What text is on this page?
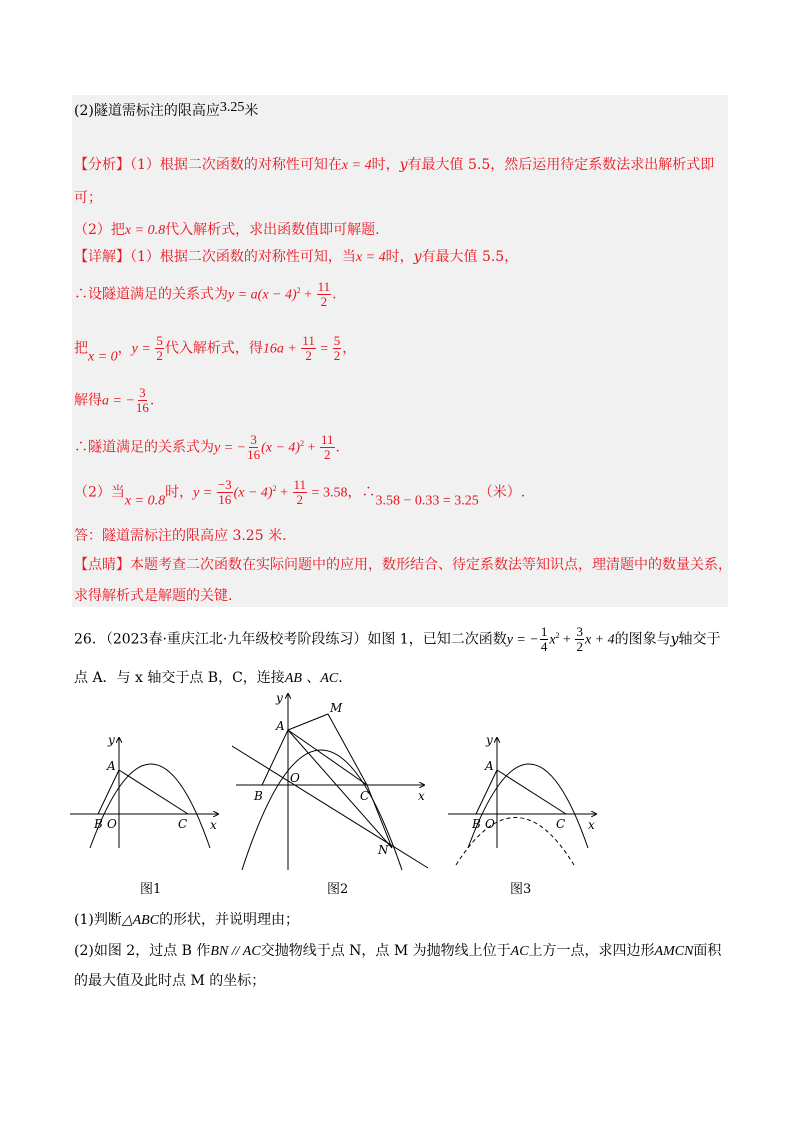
(2)隧道需标注的限高应3.25米
【分析】（1）根据二次函数的对称性可知在x = 4时，y有最大值 5.5，然后运用待定系数法求出解析式即
可；
（2）把x = 0.8代入解析式，求出函数值即可解题.
【详解】（1）根据二次函数的对称性可知，当x = 4时，y有最大值 5.5，
∴设隧道满足的关系式为$y = a(x - 4)^2 + \frac{11}{2}$ .
把x = 0，$y = \frac{5}{2}$ 代入解析式，得$16a + \frac{11}{2} = \frac{5}{2}$ ，
解得a = − $\frac{3}{16}$ .
∴隧道满足的关系式为y = − $\frac{3}{16} (x - 4)^2 + \frac{11}{2}$ .
（2）当x = 0.8时，$y = \frac{-3}{16} (x - 4)^2 + \frac{11}{2} = 3.58$，∴3.58 − 0.33 = 3.25（米）.
答：隧道需标注的限高应 3.25 米.
【点睛】本题考查二次函数在实际问题中的应用，数形结合、待定系数法等知识点，理清题中的数量关系，
求得解析式是解题的关键.
26．（2023春·重庆江北·九年级校考阶段练习）如图 1，已知二次函数y = − $\frac{1}{4} x^2 + \frac{3}{2}$ x + 4的图象与y轴交于
点 A．与 x 轴交于点 B，C，连接AB 、AC.
y
x
A
B O	C
图1
y
x
A
M
O
B	C
N
图2
y
x
A
B O	C
图3
(1)判断△ABC的形状，并说明理由；
(2)如图 2，过点 B 作BN // AC交抛物线于点 N，点 M 为抛物线上位于AC上方一点，求四边形AMCN面积
的最大值及此时点 M 的坐标；
